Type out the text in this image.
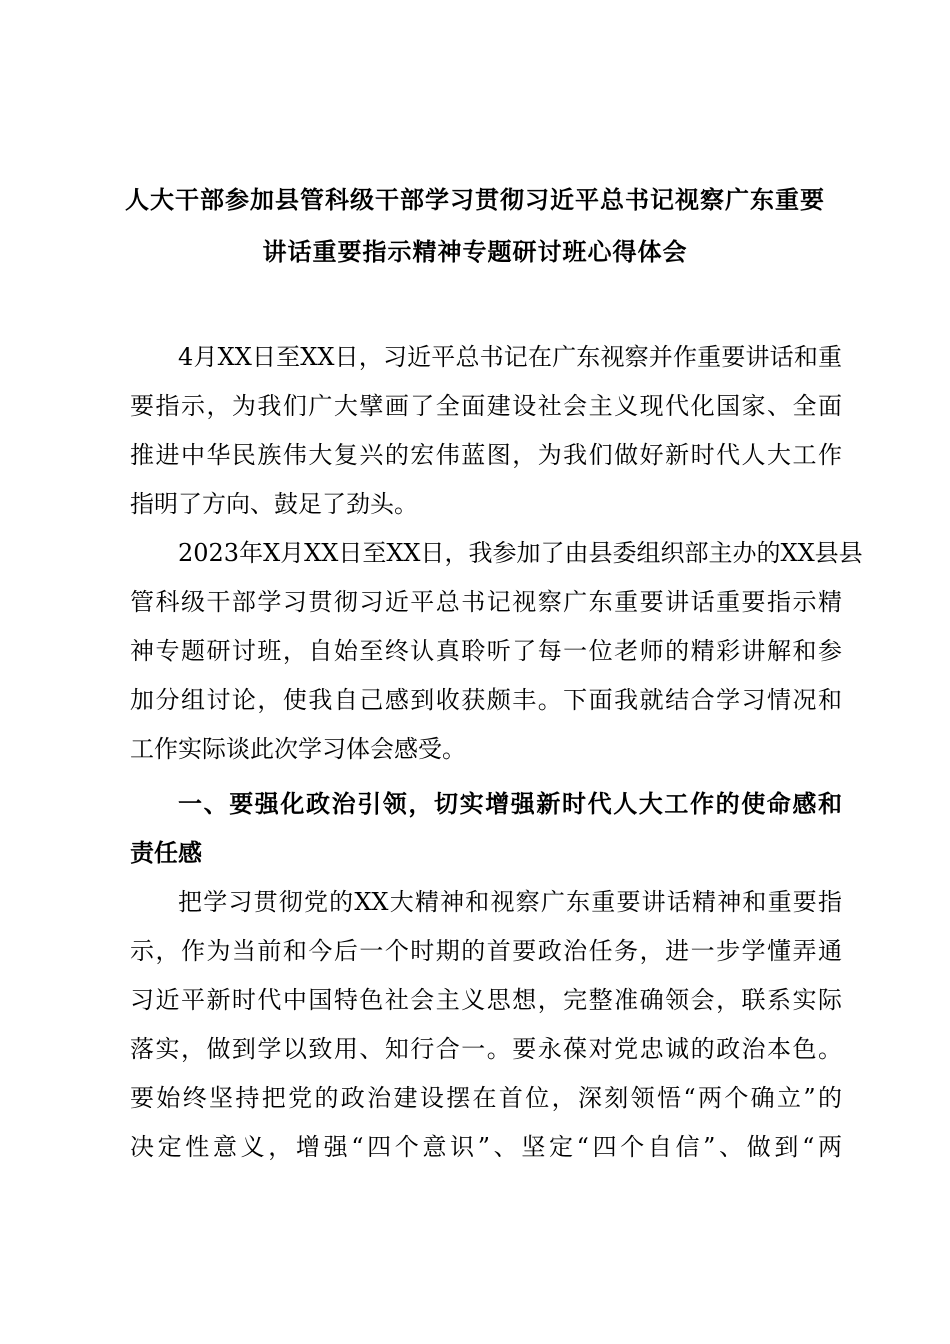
人大干部参加县管科级干部学习贯彻习近平总书记视察广东重要
讲话重要指示精神专题研讨班心得体会
4月XX日至XX日，习近平总书记在广东视察并作重要讲话和重
要指示，为我们广大擘画了全面建设社会主义现代化国家、全面
推进中华民族伟大复兴的宏伟蓝图，为我们做好新时代人大工作
指明了方向、鼓足了劲头。
2023年X月XX日至XX日，我参加了由县委组织部主办的XX县县
管科级干部学习贯彻习近平总书记视察广东重要讲话重要指示精
神专题研讨班，自始至终认真聆听了每一位老师的精彩讲解和参
加分组讨论，使我自己感到收获颇丰。下面我就结合学习情况和
工作实际谈此次学习体会感受。
一、要强化政治引领，切实增强新时代人大工作的使命感和
责任感
把学习贯彻党的XX大精神和视察广东重要讲话精神和重要指
示，作为当前和今后一个时期的首要政治任务，进一步学懂弄通
习近平新时代中国特色社会主义思想，完整准确领会，联系实际
落实，做到学以致用、知行合一。要永葆对党忠诚的政治本色。
要始终坚持把党的政治建设摆在首位，深刻领悟“两个确立”的
决定性意义，增强“四个意识”、坚定“四个自信”、做到“两
